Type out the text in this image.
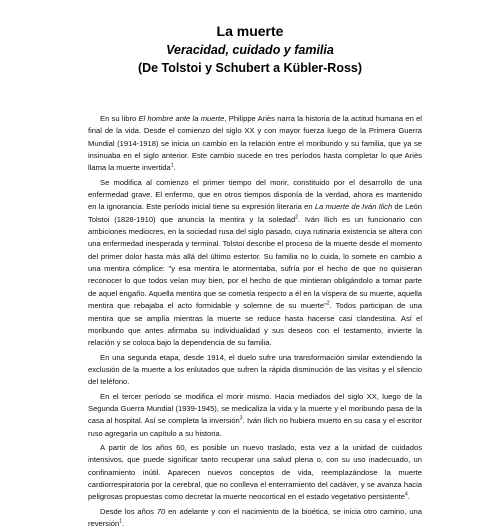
La muerte
Veracidad, cuidado y familia
(De Tolstoi y Schubert a Kübler-Ross)

En su libro El hombre ante la muerte, Philippe Ariès narra la historia de la actitud humana en el final de la vida. Desde el comienzo del siglo XX y con mayor fuerza luego de la Primera Guerra Mundial (1914-1918) se inicia un cambio en la relación entre el moribundo y su familia, que ya se insinuaba en el siglo anterior. Este cambio sucede en tres períodos hasta completar lo que Ariès llama la muerte invertida$^1$.

Se modifica al comienzo el primer tiempo del morir, constituido por el desarrollo de una enfermedad grave. El enfermo, que en otros tiempos disponía de la verdad, ahora es mantenido en la ignorancia. Este período inicial tiene su expresión literaria en La muerte de Iván Ilich de León Tolstoi (1828-1910) que anuncia la mentira y la soledad$^2$. Iván Ilich es un funcionario con ambiciones mediocres, en la sociedad rusa del siglo pasado, cuya rutinaria existencia se altera con una enfermedad inesperada y terminal. Tolstoi describe el proceso de la muerte desde el momento del primer dolor hasta más allá del último estertor. Su familia no lo cuida, lo somete en cambio a una mentira cómplice: "y esa mentira le atormentaba, sufría por el hecho de que no quisieran reconocer lo que todos veían muy bien, por el hecho de que mintieran obligándolo a tomar parte de aquel engaño. Aquella mentira que se cometía respecto a él en la víspera de su muerte, aquella mentira que rebajaba el acto formidable y solemne de su muerte"$^2$. Todos participan de una mentira que se amplía mientras la muerte se reduce hasta hacerse casi clandestina. Así el moribundo que antes afirmaba su individualidad y sus deseos con el testamento, invierte la relación y se coloca bajo la dependencia de su familia.

En una segunda etapa, desde 1914, el duelo sufre una transformación similar extendiendo la exclusión de la muerte a los enlutados que sufren la rápida disminución de las visitas y el silencio del teléfono.

En el tercer período se modifica el morir mismo. Hacia mediados del siglo XX, luego de la Segunda Guerra Mundial (1939-1945), se medicaliza la vida y la muerte y el moribundo pasa de la casa al hospital. Así se completa la inversión$^3$. Iván Ilich no hubiera muerto en su casa y el escritor ruso agregaría un capítulo a su historia.

A partir de los años 60, es posible un nuevo traslado, esta vez a la unidad de cuidados intensivos, que puede significar tanto recuperar una salud plena o, con su uso inadecuado, un confinamiento inútil. Aparecen nuevos conceptos de vida, reemplazándose la muerte cardiorrespiratoria por la cerebral, que no conlleva el enterramiento del cadáver, y se avanza hacia peligrosas propuestas como decretar la muerte neocortical en el estado vegetativo persistente$^4$.

Desde los años 70 en adelante y con el nacimiento de la bioética, se inicia otro camino, una reversión$^1$.
